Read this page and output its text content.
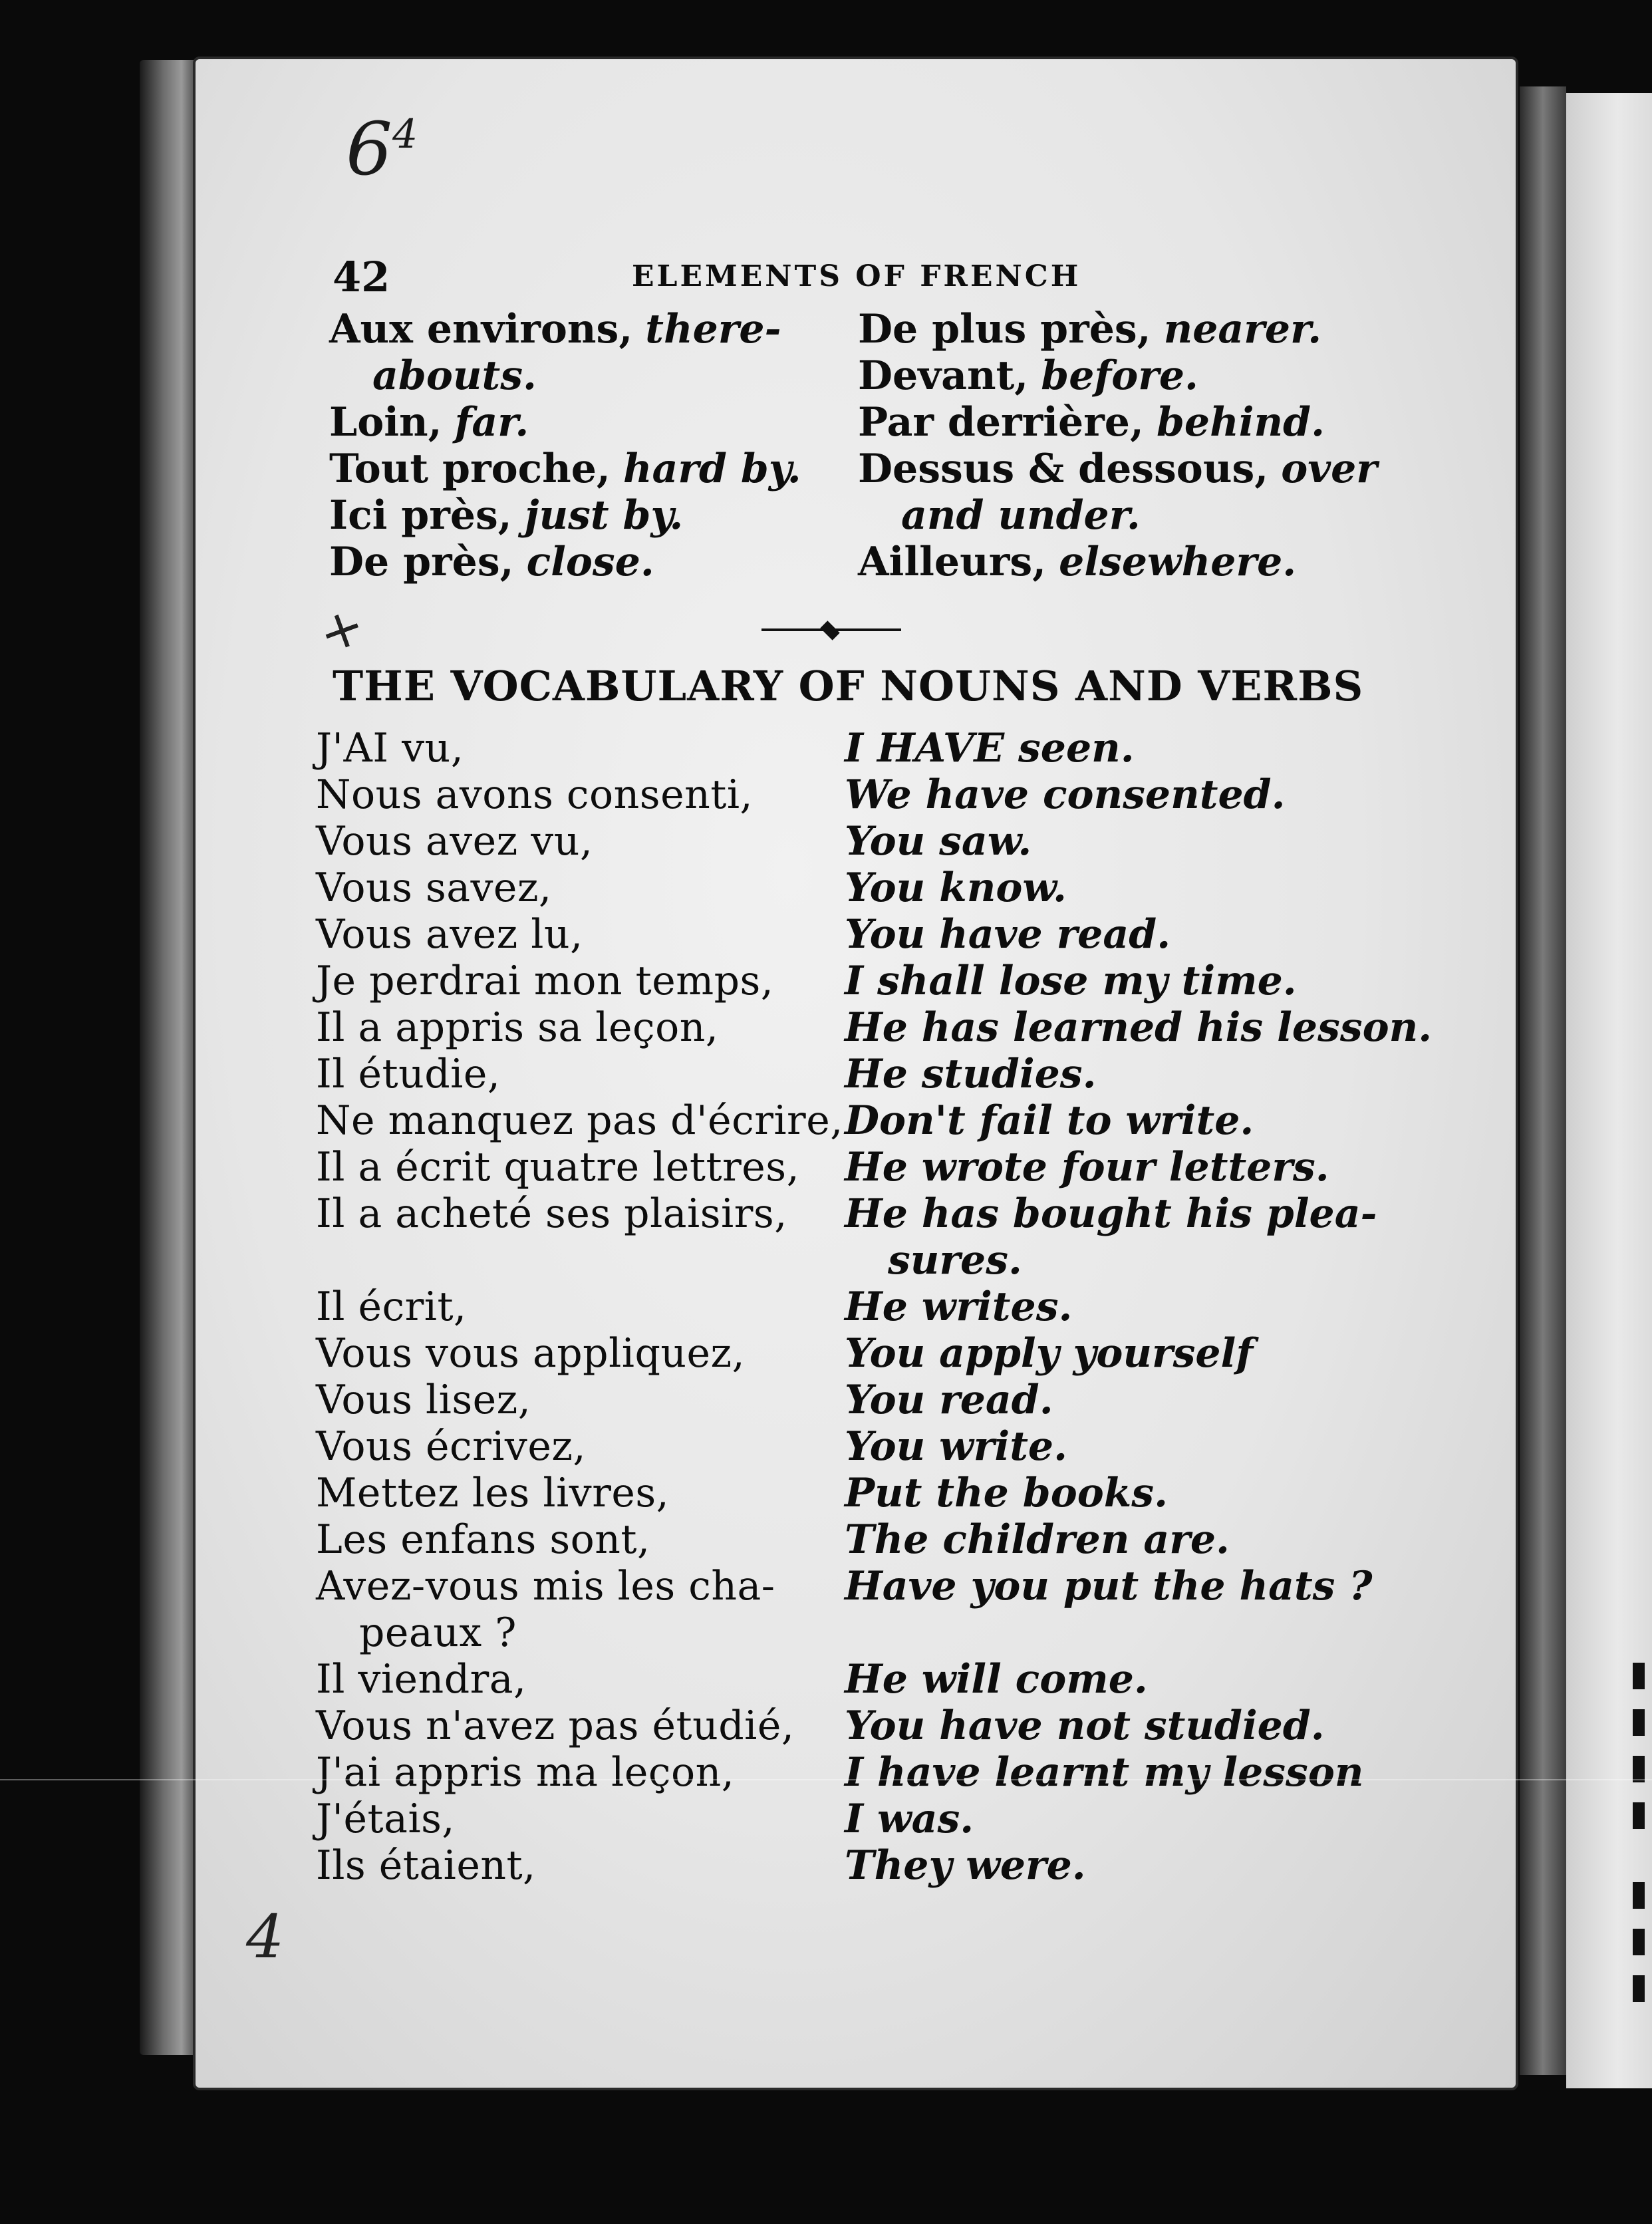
$6^4$
42	ELEMENTS OF FRENCH
Aux environs, there-
abouts.
Loin, far.
Tout proche, hard by.
Ici près, just by.
De près, close.
De plus près, nearer.
Devant, before.
Par derrière, behind.
Dessus & dessous, over
and under.
Ailleurs, elsewhere.
+
THE VOCABULARY OF NOUNS AND VERBS
J'AI vu,
Nous avons consenti,
Vous avez vu,
Vous savez,
Vous avez lu,
Je perdrai mon temps,
Il a appris sa leçon,
Il étudie,
Ne manquez pas d'écrire,
Il a écrit quatre lettres,
Il a acheté ses plaisirs,
Il écrit,
Vous vous appliquez,
Vous lisez,
Vous écrivez,
Mettez les livres,
Les enfans sont,
Avez-vous mis les cha-
peaux ?
Il viendra,
Vous n'avez pas étudié,
J'ai appris ma leçon,
J'étais,
Ils étaient,
I HAVE seen.
We have consented.
You saw.
You know.
You have read.
I shall lose my time.
He has learned his lesson.
He studies.
Don't fail to write.
He wrote four letters.
He has bought his plea-
sures.
He writes.
You apply yourself
You read.
You write.
Put the books.
The children are.
Have you put the hats ?
He will come.
You have not studied.
I have learnt my lesson
I was.
They were.
4
